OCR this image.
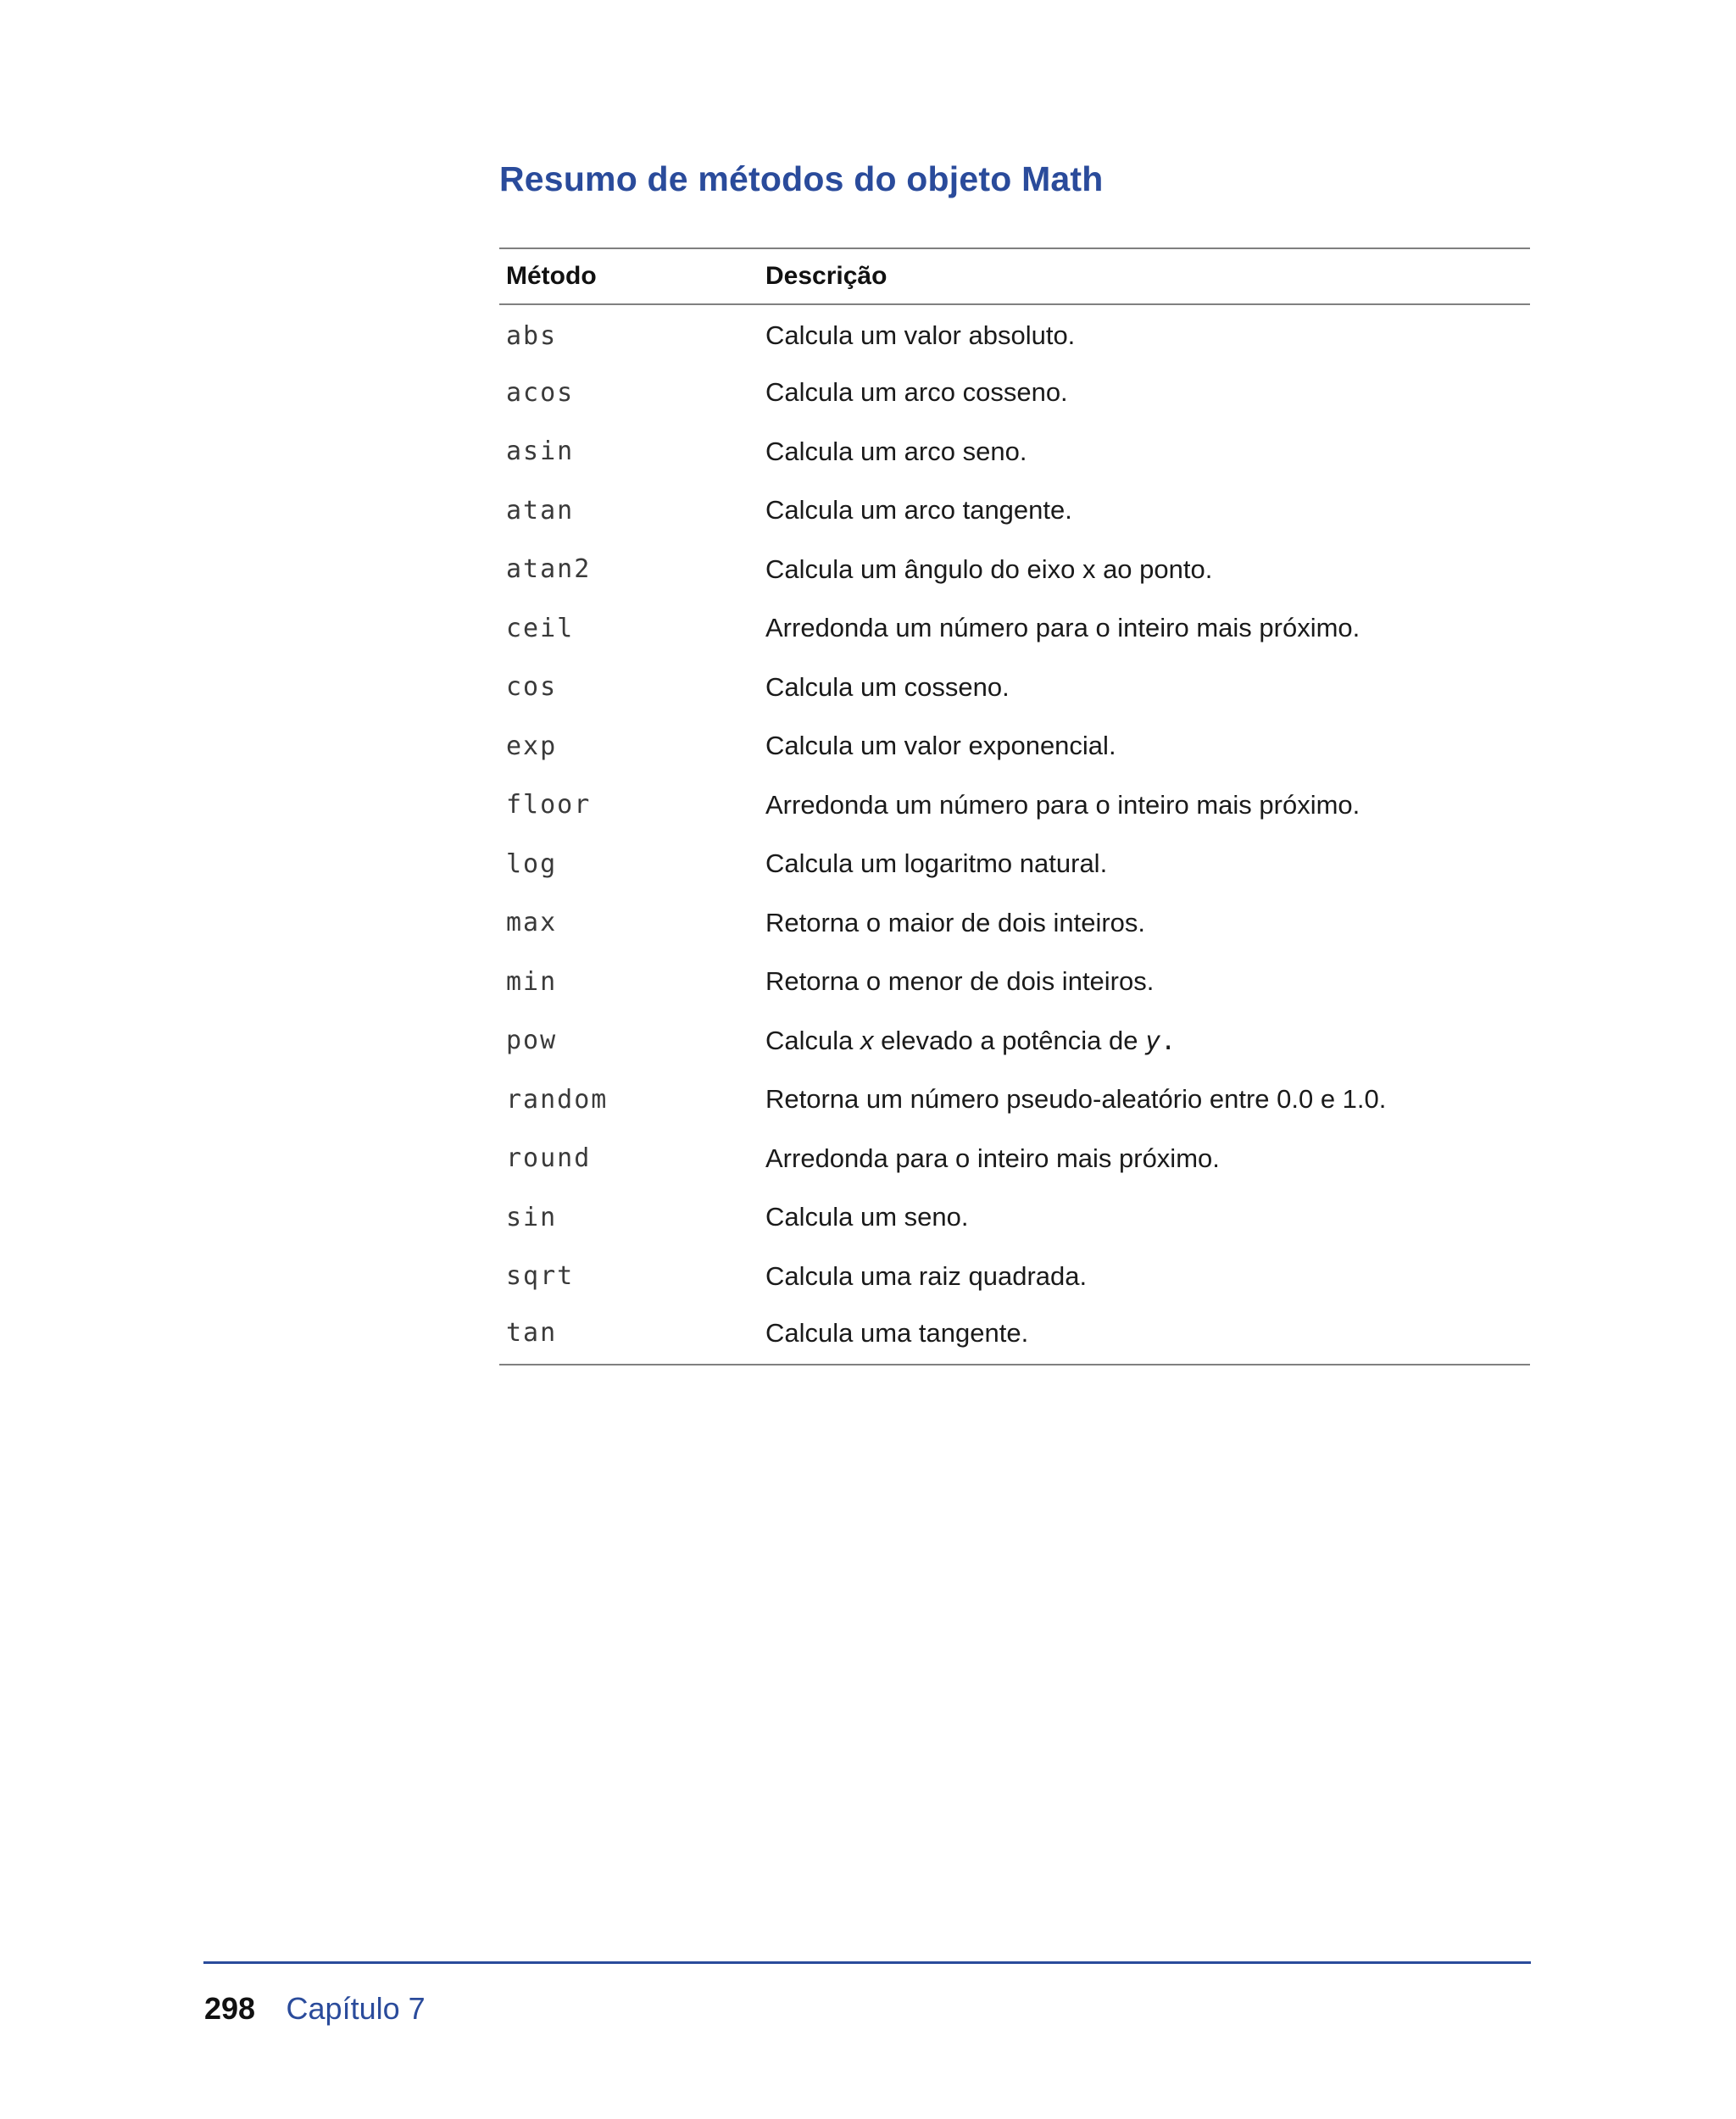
Resumo de métodos do objeto Math
Método	Descrição
abs	Calcula um valor absoluto.
acos	Calcula um arco cosseno.
asin	Calcula um arco seno.
atan	Calcula um arco tangente.
atan2	Calcula um ângulo do eixo x ao ponto.
ceil	Arredonda um número para o inteiro mais próximo.
cos	Calcula um cosseno.
exp	Calcula um valor exponencial.
floor	Arredonda um número para o inteiro mais próximo.
log	Calcula um logaritmo natural.
max	Retorna o maior de dois inteiros.
min	Retorna o menor de dois inteiros.
pow	Calcula x elevado a potência de y.
random	Retorna um número pseudo-aleatório entre 0.0 e 1.0.
round	Arredonda para o inteiro mais próximo.
sin	Calcula um seno.
sqrt	Calcula uma raiz quadrada.
tan	Calcula uma tangente.
298 Capítulo 7
